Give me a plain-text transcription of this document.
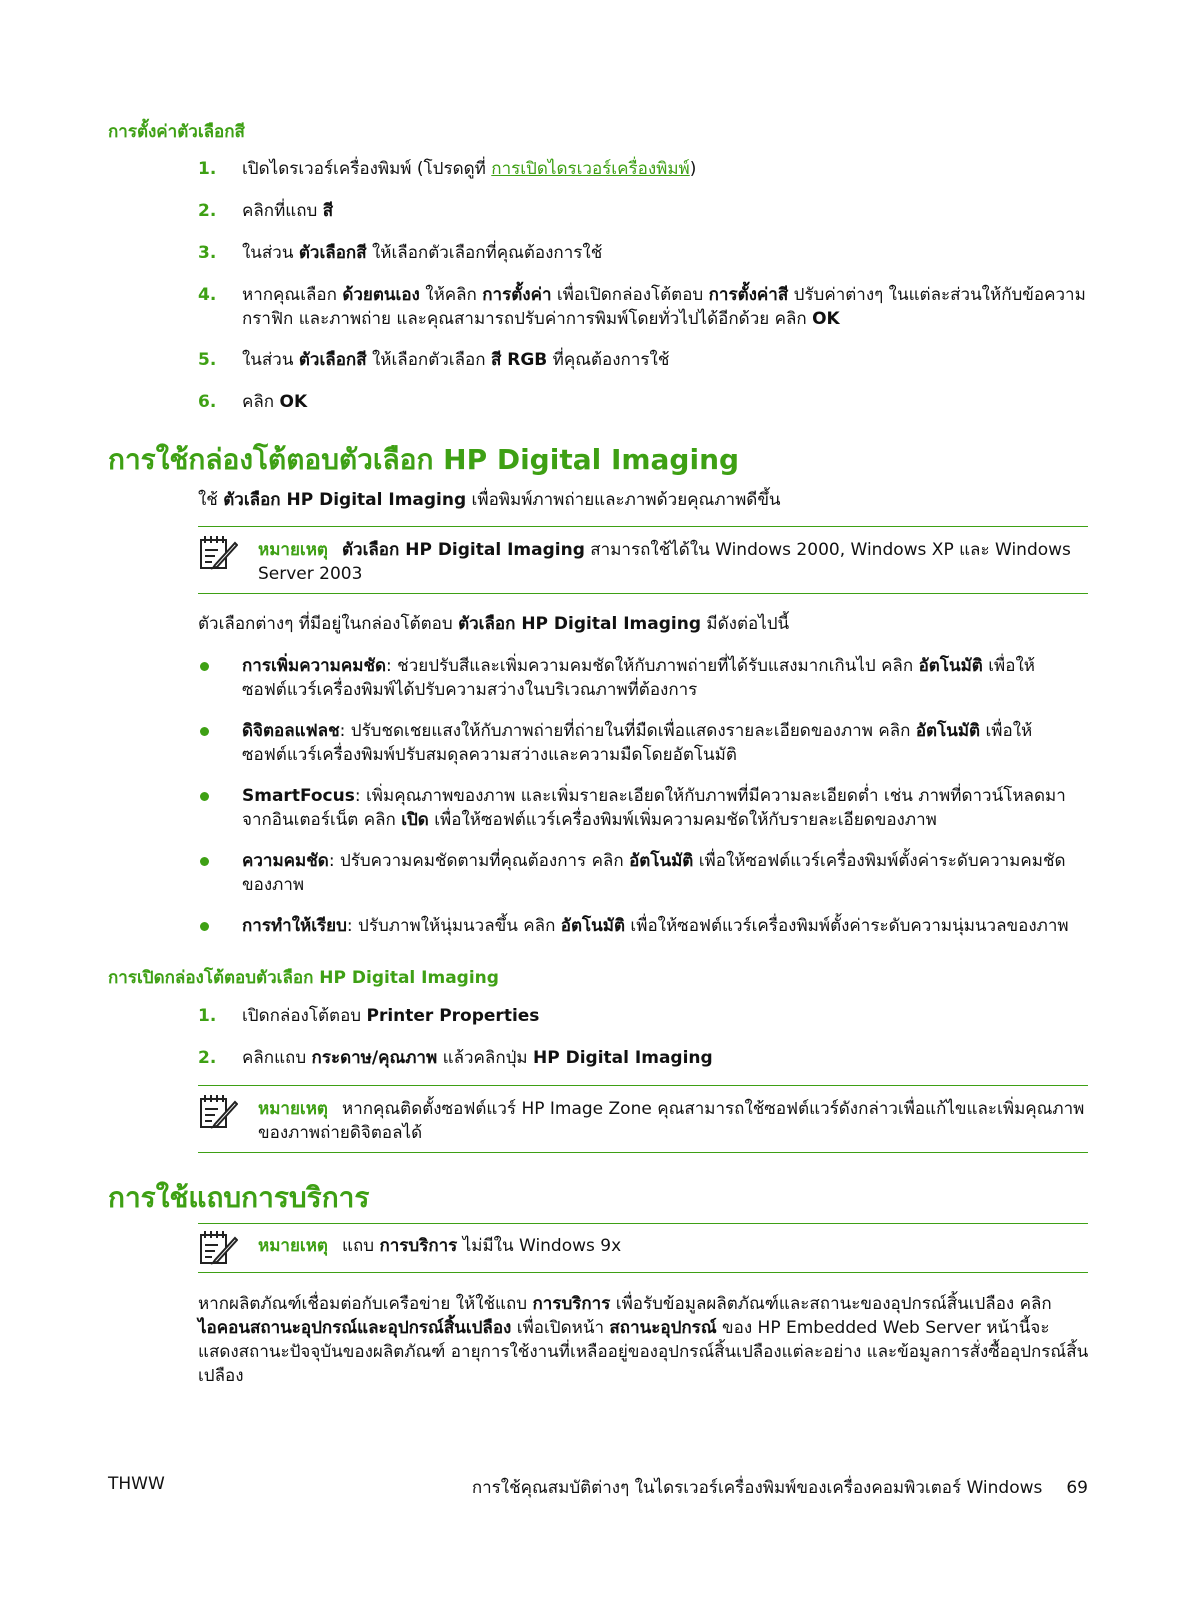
การตั้งค่าตัวเลือกสี
1. เปิดไดรเวอร์เครื่องพิมพ์ (โปรดดูที่ การเปิดไดรเวอร์เครื่องพิมพ์)
2. คลิกที่แถบ สี
3. ในส่วน ตัวเลือกสี ให้เลือกตัวเลือกที่คุณต้องการใช้
4. หากคุณเลือก ด้วยตนเอง ให้คลิก การตั้งค่า เพื่อเปิดกล่องโต้ตอบ การตั้งค่าสี ปรับค่าต่างๆ ในแต่ละส่วนให้กับข้อความ กราฟิก และภาพถ่าย และคุณสามารถปรับค่าการพิมพ์โดยทั่วไปได้อีกด้วย คลิก OK
5. ในส่วน ตัวเลือกสี ให้เลือกตัวเลือก สี RGB ที่คุณต้องการใช้
6. คลิก OK
การใช้กล่องโต้ตอบตัวเลือก HP Digital Imaging
ใช้ ตัวเลือก HP Digital Imaging เพื่อพิมพ์ภาพถ่ายและภาพด้วยคุณภาพดีขึ้น
หมายเหตุ ตัวเลือก HP Digital Imaging สามารถใช้ได้ใน Windows 2000, Windows XP และ Windows Server 2003
ตัวเลือกต่างๆ ที่มีอยู่ในกล่องโต้ตอบ ตัวเลือก HP Digital Imaging มีดังต่อไปนี้
การเพิ่มความคมชัด: ช่วยปรับสีและเพิ่มความคมชัดให้กับภาพถ่ายที่ได้รับแสงมากเกินไป คลิก อัตโนมัติ เพื่อให้ซอฟต์แวร์เครื่องพิมพ์ได้ปรับความสว่างในบริเวณภาพที่ต้องการ
ดิจิตอลแฟลช: ปรับชดเชยแสงให้กับภาพถ่ายที่ถ่ายในที่มืดเพื่อแสดงรายละเอียดของภาพ คลิก อัตโนมัติ เพื่อให้ซอฟต์แวร์เครื่องพิมพ์ปรับสมดุลความสว่างและความมืดโดยอัตโนมัติ
SmartFocus: เพิ่มคุณภาพของภาพ และเพิ่มรายละเอียดให้กับภาพที่มีความละเอียดต่ำ เช่น ภาพที่ดาวน์โหลดมาจากอินเตอร์เน็ต คลิก เปิด เพื่อให้ซอฟต์แวร์เครื่องพิมพ์เพิ่มความคมชัดให้กับรายละเอียดของภาพ
ความคมชัด: ปรับความคมชัดตามที่คุณต้องการ คลิก อัตโนมัติ เพื่อให้ซอฟต์แวร์เครื่องพิมพ์ตั้งค่าระดับความคมชัดของภาพ
การทำให้เรียบ: ปรับภาพให้นุ่มนวลขึ้น คลิก อัตโนมัติ เพื่อให้ซอฟต์แวร์เครื่องพิมพ์ตั้งค่าระดับความนุ่มนวลของภาพ
การเปิดกล่องโต้ตอบตัวเลือก HP Digital Imaging
1. เปิดกล่องโต้ตอบ Printer Properties
2. คลิกแถบ กระดาษ/คุณภาพ แล้วคลิกปุ่ม HP Digital Imaging
หมายเหตุ หากคุณติดตั้งซอฟต์แวร์ HP Image Zone คุณสามารถใช้ซอฟต์แวร์ดังกล่าวเพื่อแก้ไขและเพิ่มคุณภาพของภาพถ่ายดิจิตอลได้
การใช้แถบการบริการ
หมายเหตุ แถบ การบริการ ไม่มีใน Windows 9x
หากผลิตภัณฑ์เชื่อมต่อกับเครือข่าย ให้ใช้แถบ การบริการ เพื่อรับข้อมูลผลิตภัณฑ์และสถานะของอุปกรณ์สิ้นเปลือง คลิก ไอคอนสถานะอุปกรณ์และอุปกรณ์สิ้นเปลือง เพื่อเปิดหน้า สถานะอุปกรณ์ ของ HP Embedded Web Server หน้านี้จะแสดงสถานะปัจจุบันของผลิตภัณฑ์ อายุการใช้งานที่เหลืออยู่ของอุปกรณ์สิ้นเปลืองแต่ละอย่าง และข้อมูลการสั่งซื้ออุปกรณ์สิ้นเปลือง
THWW	การใช้คุณสมบัติต่างๆ ในไดรเวอร์เครื่องพิมพ์ของเครื่องคอมพิวเตอร์ Windows 69
